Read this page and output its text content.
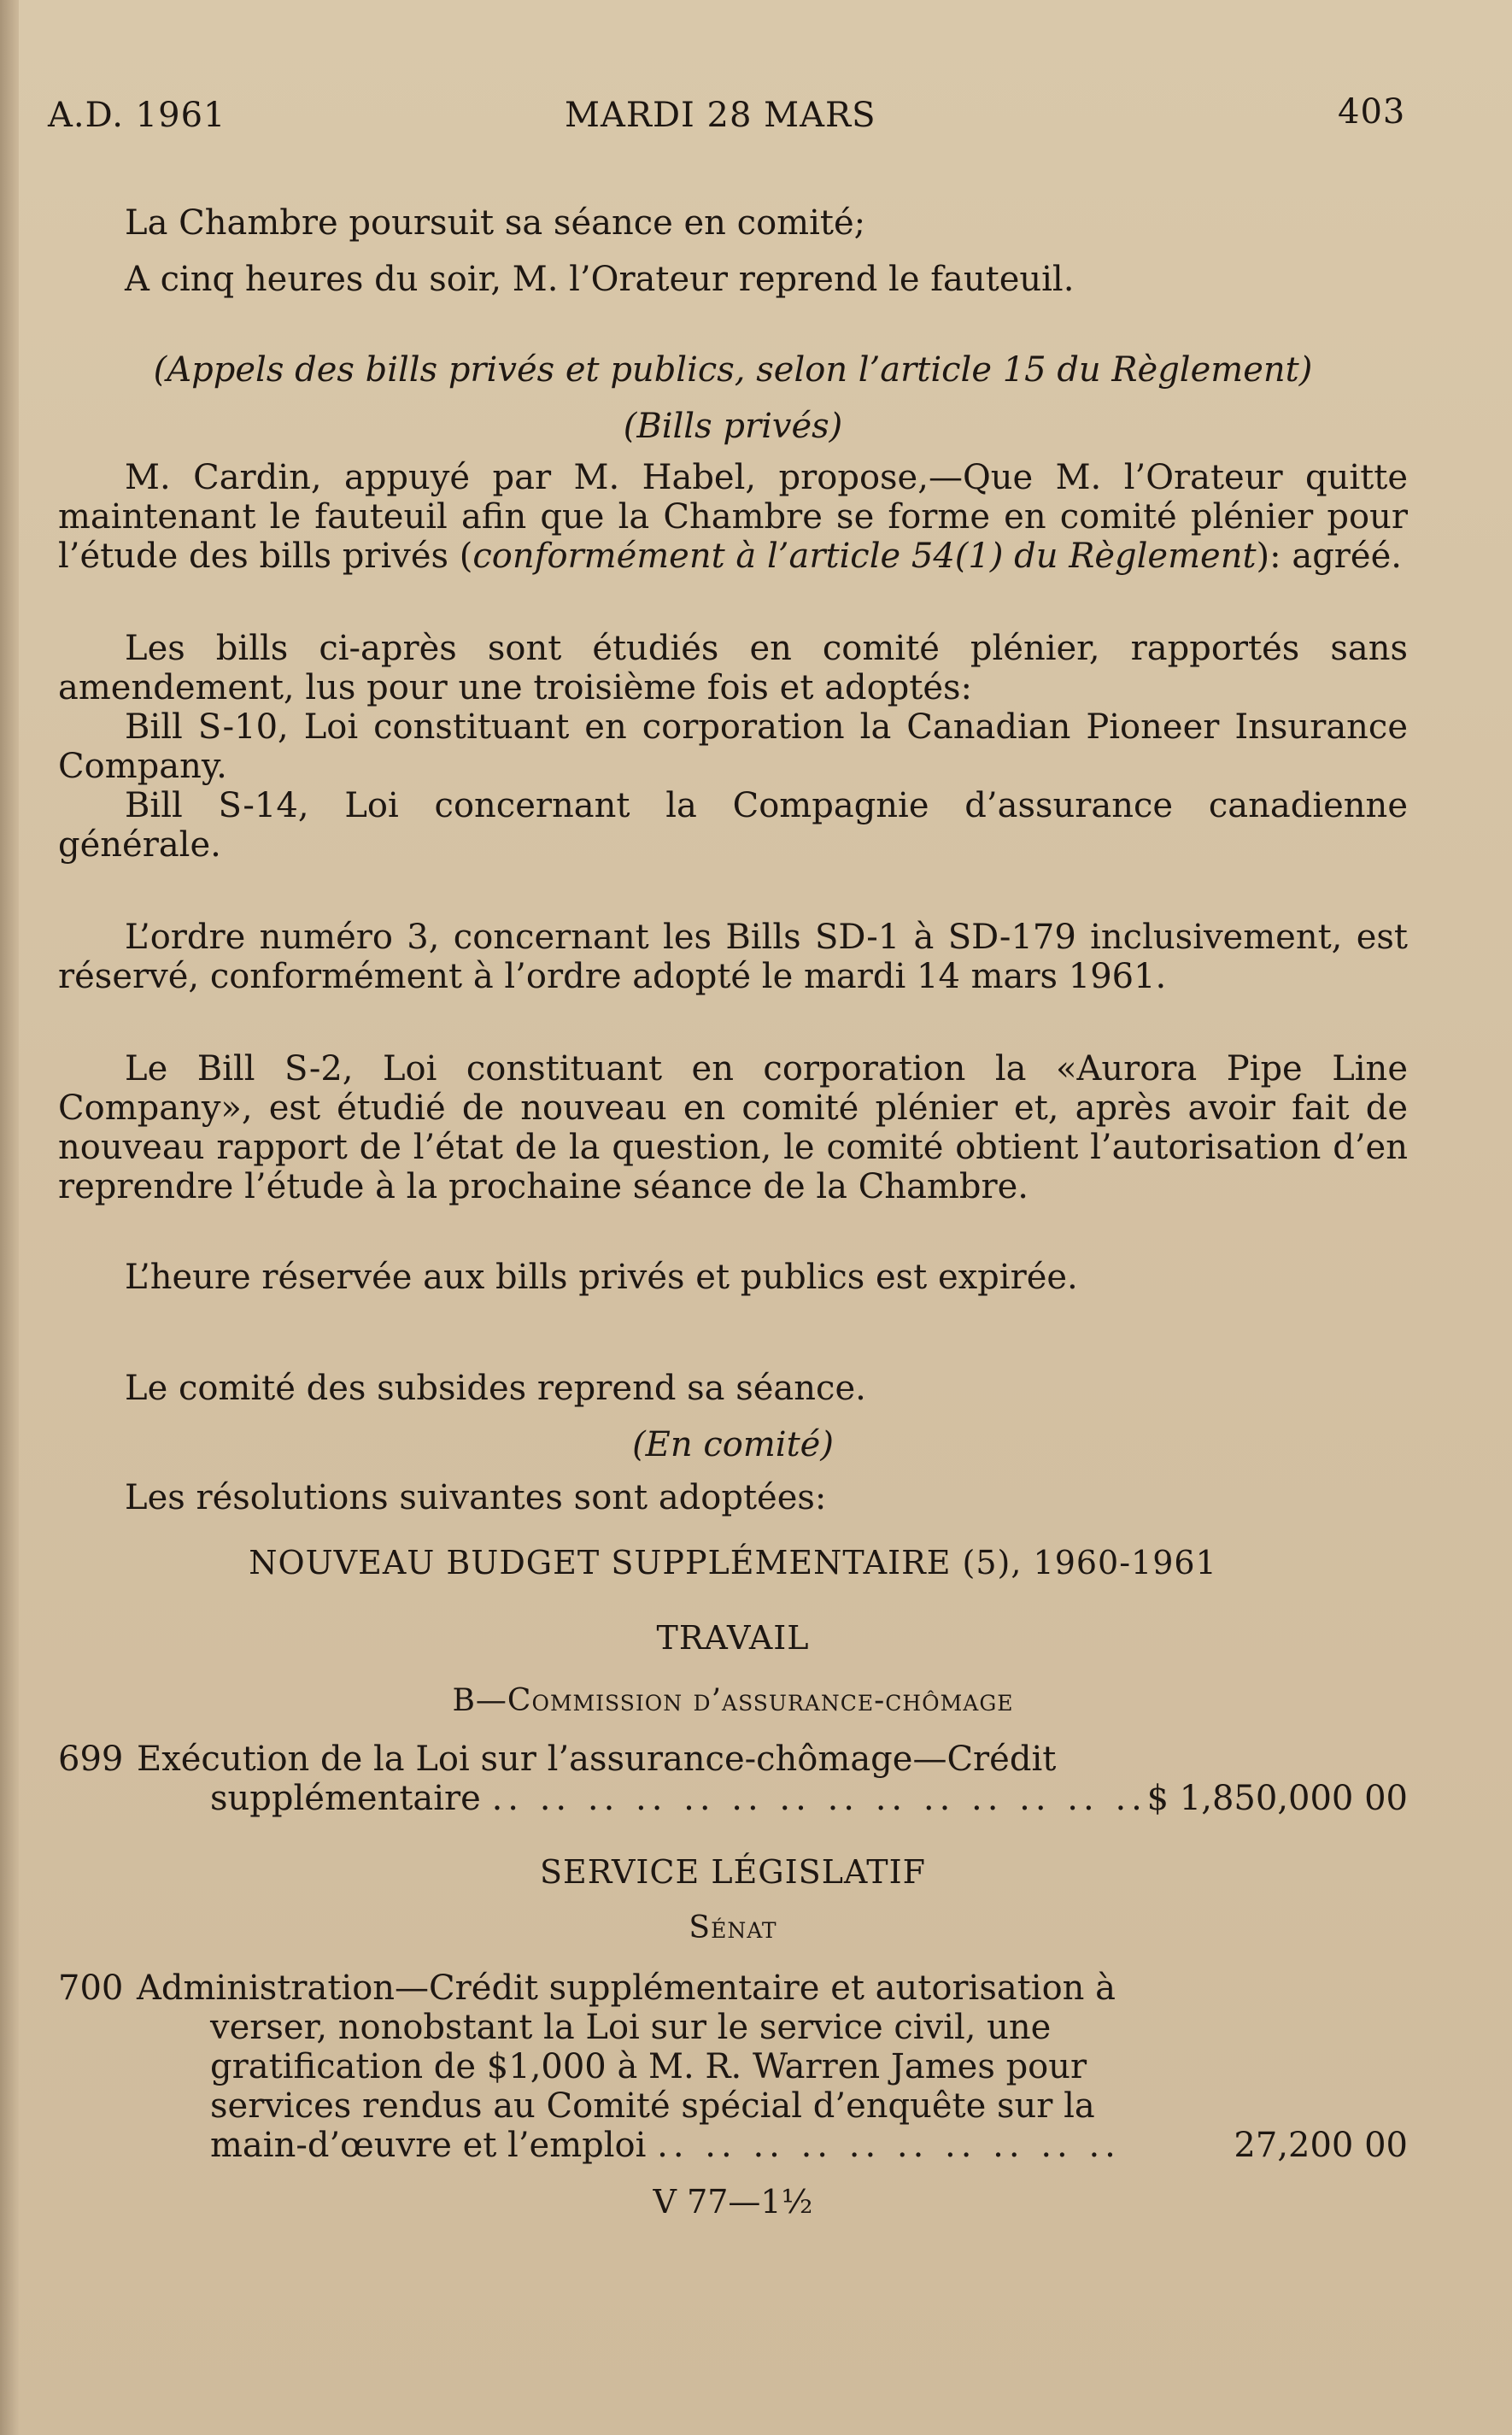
A.D. 1961	MARDI 28 MARS	403

La Chambre poursuit sa séance en comité;

A cinq heures du soir, M. l’Orateur reprend le fauteuil.

(Appels des bills privés et publics, selon l’article 15 du Règlement)

(Bills privés)

M. Cardin, appuyé par M. Habel, propose,—Que M. l’Orateur quitte maintenant le fauteuil afin que la Chambre se forme en comité plénier pour l’étude des bills privés (conformément à l’article 54(1) du Règlement): agréé.

Les bills ci-après sont étudiés en comité plénier, rapportés sans amendement, lus pour une troisième fois et adoptés:

Bill S-10, Loi constituant en corporation la Canadian Pioneer Insurance Company.

Bill S-14, Loi concernant la Compagnie d’assurance canadienne générale.

L’ordre numéro 3, concernant les Bills SD-1 à SD-179 inclusivement, est réservé, conformément à l’ordre adopté le mardi 14 mars 1961.

Le Bill S-2, Loi constituant en corporation la «Aurora Pipe Line Company», est étudié de nouveau en comité plénier et, après avoir fait de nouveau rapport de l’état de la question, le comité obtient l’autorisation d’en reprendre l’étude à la prochaine séance de la Chambre.

L’heure réservée aux bills privés et publics est expirée.

Le comité des subsides reprend sa séance.

(En comité)

Les résolutions suivantes sont adoptées:

NOUVEAU BUDGET SUPPLÉMENTAIRE (5), 1960-1961

TRAVAIL

B—Commission d’assurance-chômage

699 Exécution de la Loi sur l’assurance-chômage—Crédit
supplémentaire .. .. .. .. .. .. .. .. .. .. .. .. .. .. $ 1,850,000 00

SERVICE LÉGISLATIF

Sénat

700 Administration—Crédit supplémentaire et autorisation à
verser, nonobstant la Loi sur le service civil, une
gratification de $1,000 à M. R. Warren James pour
services rendus au Comité spécial d’enquête sur la
main-d’œuvre et l’emploi .. .. .. .. .. .. .. .. .. ..	27,200 00

V 77—1½
